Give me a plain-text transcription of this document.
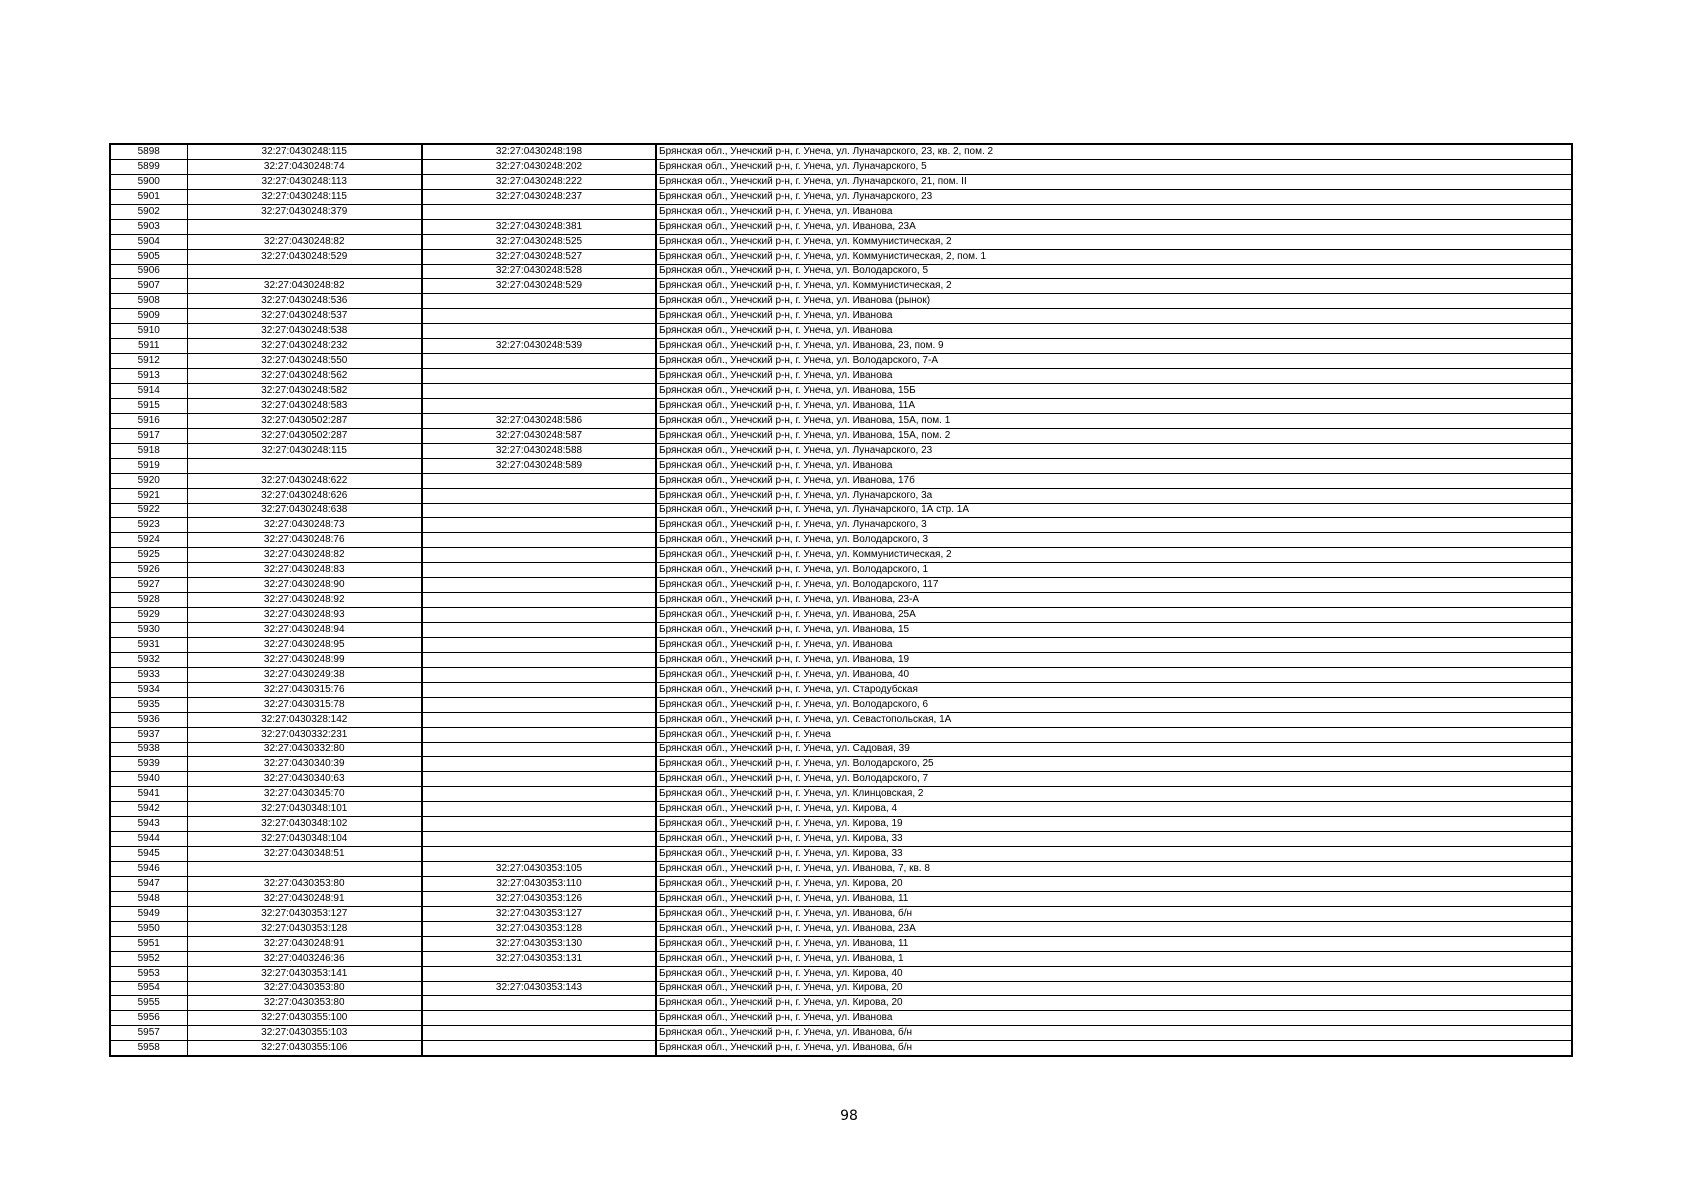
5898	32:27:0430248:115	32:27:0430248:198	Брянская обл., Унечский р-н, г. Унеча, ул. Луначарского, 23, кв. 2, пом. 2
5899	32:27:0430248:74	32:27:0430248:202	Брянская обл., Унечский р-н, г. Унеча, ул. Луначарского, 5
5900	32:27:0430248:113	32:27:0430248:222	Брянская обл., Унечский р-н, г. Унеча, ул. Луначарского, 21, пом. II
5901	32:27:0430248:115	32:27:0430248:237	Брянская обл., Унечский р-н, г. Унеча, ул. Луначарского, 23
5902	32:27:0430248:379		Брянская обл., Унечский р-н, г. Унеча, ул. Иванова
5903		32:27:0430248:381	Брянская обл., Унечский р-н, г. Унеча, ул. Иванова, 23А
5904	32:27:0430248:82	32:27:0430248:525	Брянская обл., Унечский р-н, г. Унеча, ул. Коммунистическая, 2
5905	32:27:0430248:529	32:27:0430248:527	Брянская обл., Унечский р-н, г. Унеча, ул. Коммунистическая, 2, пом. 1
5906		32:27:0430248:528	Брянская обл., Унечский р-н, г. Унеча, ул. Володарского, 5
5907	32:27:0430248:82	32:27:0430248:529	Брянская обл., Унечский р-н, г. Унеча, ул. Коммунистическая, 2
5908	32:27:0430248:536		Брянская обл., Унечский р-н, г. Унеча, ул. Иванова (рынок)
5909	32:27:0430248:537		Брянская обл., Унечский р-н, г. Унеча, ул. Иванова
5910	32:27:0430248:538		Брянская обл., Унечский р-н, г. Унеча, ул. Иванова
5911	32:27:0430248:232	32:27:0430248:539	Брянская обл., Унечский р-н, г. Унеча, ул. Иванова, 23, пом. 9
5912	32:27:0430248:550		Брянская обл., Унечский р-н, г. Унеча, ул. Володарского, 7-А
5913	32:27:0430248:562		Брянская обл., Унечский р-н, г. Унеча, ул. Иванова
5914	32:27:0430248:582		Брянская обл., Унечский р-н, г. Унеча, ул. Иванова, 15Б
5915	32:27:0430248:583		Брянская обл., Унечский р-н, г. Унеча, ул. Иванова, 11А
5916	32:27:0430502:287	32:27:0430248:586	Брянская обл., Унечский р-н, г. Унеча, ул. Иванова, 15А, пом. 1
5917	32:27:0430502:287	32:27:0430248:587	Брянская обл., Унечский р-н, г. Унеча, ул. Иванова, 15А, пом. 2
5918	32:27:0430248:115	32:27:0430248:588	Брянская обл., Унечский р-н, г. Унеча, ул. Луначарского, 23
5919		32:27:0430248:589	Брянская обл., Унечский р-н, г. Унеча, ул. Иванова
5920	32:27:0430248:622		Брянская обл., Унечский р-н, г. Унеча, ул. Иванова, 17б
5921	32:27:0430248:626		Брянская обл., Унечский р-н, г. Унеча, ул. Луначарского, 3а
5922	32:27:0430248:638		Брянская обл., Унечский р-н, г. Унеча, ул. Луначарского, 1А стр. 1А
5923	32:27:0430248:73		Брянская обл., Унечский р-н, г. Унеча, ул. Луначарского, 3
5924	32:27:0430248:76		Брянская обл., Унечский р-н, г. Унеча, ул. Володарского, 3
5925	32:27:0430248:82		Брянская обл., Унечский р-н, г. Унеча, ул. Коммунистическая, 2
5926	32:27:0430248:83		Брянская обл., Унечский р-н, г. Унеча, ул. Володарского, 1
5927	32:27:0430248:90		Брянская обл., Унечский р-н, г. Унеча, ул. Володарского, 117
5928	32:27:0430248:92		Брянская обл., Унечский р-н, г. Унеча, ул. Иванова, 23-А
5929	32:27:0430248:93		Брянская обл., Унечский р-н, г. Унеча, ул. Иванова, 25А
5930	32:27:0430248:94		Брянская обл., Унечский р-н, г. Унеча, ул. Иванова, 15
5931	32:27:0430248:95		Брянская обл., Унечский р-н, г. Унеча, ул. Иванова
5932	32:27:0430248:99		Брянская обл., Унечский р-н, г. Унеча, ул. Иванова, 19
5933	32:27:0430249:38		Брянская обл., Унечский р-н, г. Унеча, ул. Иванова, 40
5934	32:27:0430315:76		Брянская обл., Унечский р-н, г. Унеча, ул. Стародубская
5935	32:27:0430315:78		Брянская обл., Унечский р-н, г. Унеча, ул. Володарского, 6
5936	32:27:0430328:142		Брянская обл., Унечский р-н, г. Унеча, ул. Севастопольская, 1А
5937	32:27:0430332:231		Брянская обл., Унечский р-н, г. Унеча
5938	32:27:0430332:80		Брянская обл., Унечский р-н, г. Унеча, ул. Садовая, 39
5939	32:27:0430340:39		Брянская обл., Унечский р-н, г. Унеча, ул. Володарского, 25
5940	32:27:0430340:63		Брянская обл., Унечский р-н, г. Унеча, ул. Володарского, 7
5941	32:27:0430345:70		Брянская обл., Унечский р-н, г. Унеча, ул. Клинцовская, 2
5942	32:27:0430348:101		Брянская обл., Унечский р-н, г. Унеча, ул. Кирова, 4
5943	32:27:0430348:102		Брянская обл., Унечский р-н, г. Унеча, ул. Кирова, 19
5944	32:27:0430348:104		Брянская обл., Унечский р-н, г. Унеча, ул. Кирова, 33
5945	32:27:0430348:51		Брянская обл., Унечский р-н, г. Унеча, ул. Кирова, 33
5946		32:27:0430353:105	Брянская обл., Унечский р-н, г. Унеча, ул. Иванова, 7, кв. 8
5947	32:27:0430353:80	32:27:0430353:110	Брянская обл., Унечский р-н, г. Унеча, ул. Кирова, 20
5948	32:27:0430248:91	32:27:0430353:126	Брянская обл., Унечский р-н, г. Унеча, ул. Иванова, 11
5949	32:27:0430353:127	32:27:0430353:127	Брянская обл., Унечский р-н, г. Унеча, ул. Иванова, б/н
5950	32:27:0430353:128	32:27:0430353:128	Брянская обл., Унечский р-н, г. Унеча, ул. Иванова, 23А
5951	32:27:0430248:91	32:27:0430353:130	Брянская обл., Унечский р-н, г. Унеча, ул. Иванова, 11
5952	32:27:0403246:36	32:27:0430353:131	Брянская обл., Унечский р-н, г. Унеча, ул. Иванова, 1
5953	32:27:0430353:141		Брянская обл., Унечский р-н, г. Унеча, ул. Кирова, 40
5954	32:27:0430353:80	32:27:0430353:143	Брянская обл., Унечский р-н, г. Унеча, ул. Кирова, 20
5955	32:27:0430353:80		Брянская обл., Унечский р-н, г. Унеча, ул. Кирова, 20
5956	32:27:0430355:100		Брянская обл., Унечский р-н, г. Унеча, ул. Иванова
5957	32:27:0430355:103		Брянская обл., Унечский р-н, г. Унеча, ул. Иванова, б/н
5958	32:27:0430355:106		Брянская обл., Унечский р-н, г. Унеча, ул. Иванова, б/н
98
